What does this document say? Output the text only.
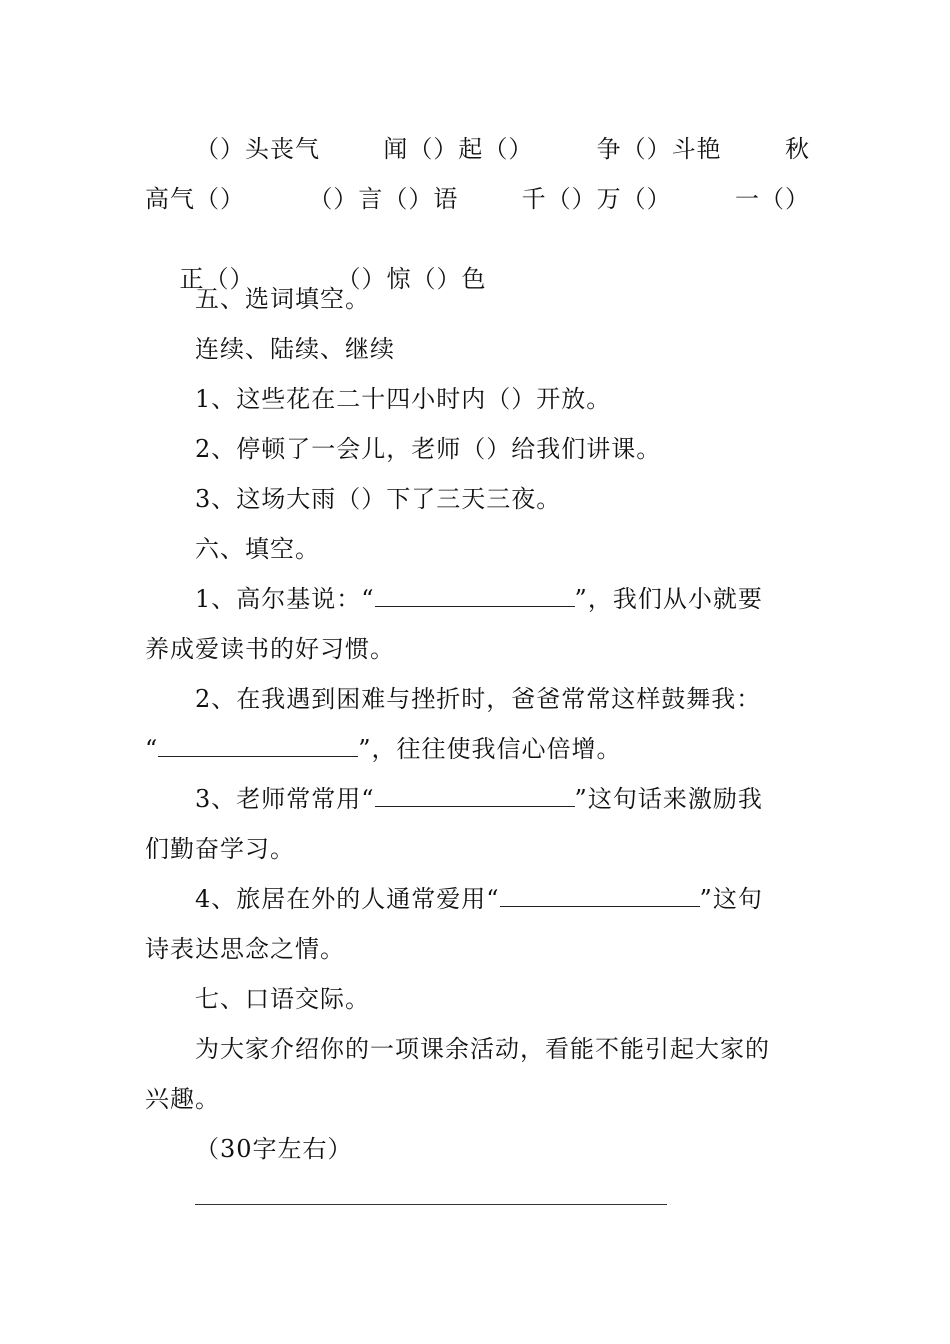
（）头丧气	闻（）起（）	争（）斗艳	秋
高气（）	（）言（）语	千（）万（）	一（）

正（）	（）惊（）色

五、选词填空。
连续、陆续、继续
1、这些花在二十四小时内（）开放。
2、停顿了一会儿，老师（）给我们讲课。
3、这场大雨（）下了三天三夜。
六、填空。
1、高尔基说：“	”，我们从小就要
养成爱读书的好习惯。
2、在我遇到困难与挫折时，爸爸常常这样鼓舞我：
“	”，往往使我信心倍增。
3、老师常常用“	”这句话来激励我
们勤奋学习。
4、旅居在外的人通常爱用“	”这句
诗表达思念之情。
七、口语交际。
为大家介绍你的一项课余活动，看能不能引起大家的
兴趣。
（30字左右）
